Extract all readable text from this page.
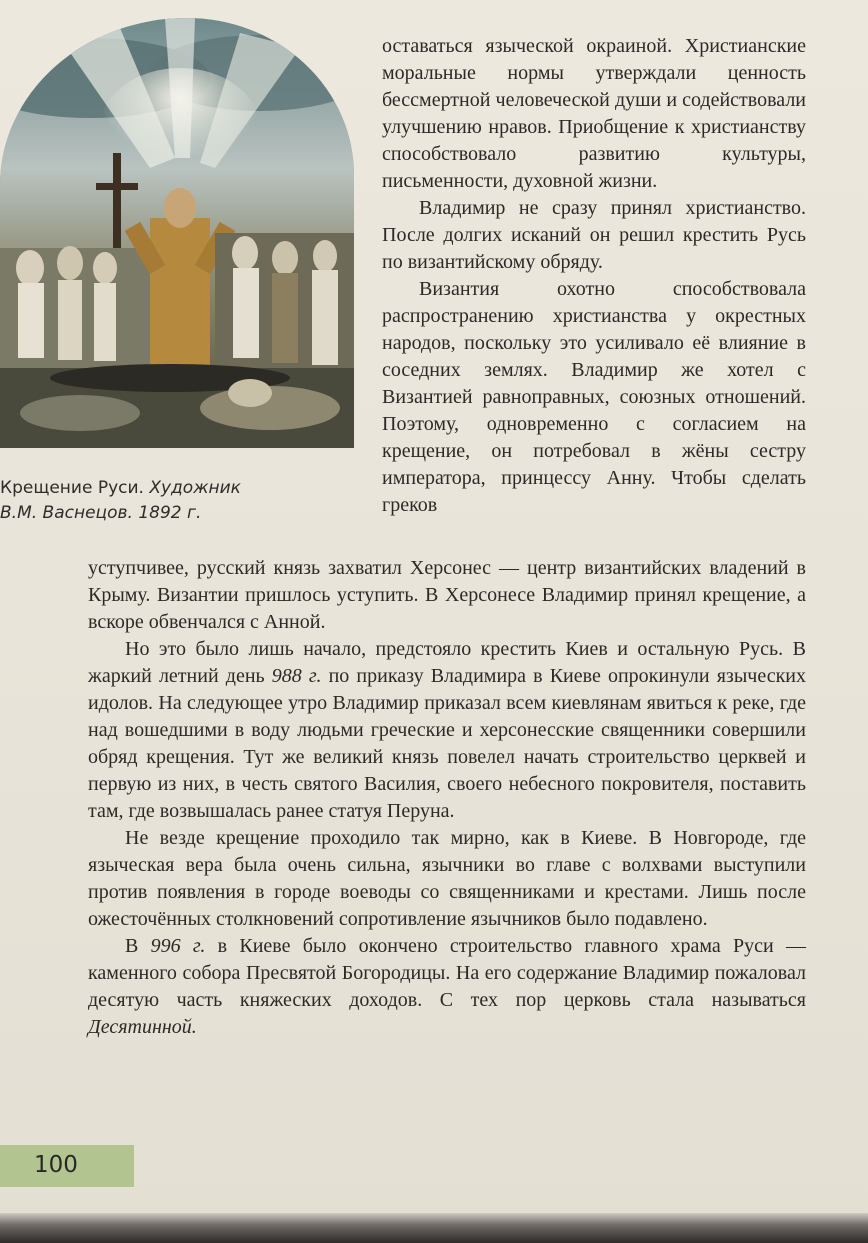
Крещение Руси. Художник
В.М. Васнецов. 1892 г.

оставаться языческой окраиной. Христианские моральные нормы утверждали ценность бессмертной человеческой души и содействовали улучшению нравов. Приобщение к христианству способствовало развитию культуры, письменности, духовной жизни.

Владимир не сразу принял христианство. После долгих исканий он решил крестить Русь по византийскому обряду.

Византия охотно способствовала распространению христианства у окрестных народов, поскольку это усиливало её влияние в соседних землях. Владимир же хотел с Византией равноправных, союзных отношений. Поэтому, одновременно с согласием на крещение, он потребовал в жёны сестру императора, принцессу Анну. Чтобы сделать греков

уступчивее, русский князь захватил Херсонес — центр византийских владений в Крыму. Византии пришлось уступить. В Херсонесе Владимир принял крещение, а вскоре обвенчался с Анной.

Но это было лишь начало, предстояло крестить Киев и остальную Русь. В жаркий летний день 988 г. по приказу Владимира в Киеве опрокинули языческих идолов. На следующее утро Владимир приказал всем киевлянам явиться к реке, где над вошедшими в воду людьми греческие и херсонесские священники совершили обряд крещения. Тут же великий князь повелел начать строительство церквей и первую из них, в честь святого Василия, своего небесного покровителя, поставить там, где возвышалась ранее статуя Перуна.

Не везде крещение проходило так мирно, как в Киеве. В Новгороде, где языческая вера была очень сильна, язычники во главе с волхвами выступили против появления в городе воеводы со священниками и крестами. Лишь после ожесточённых столкновений сопротивление язычников было подавлено.

В 996 г. в Киеве было окончено строительство главного храма Руси — каменного собора Пресвятой Богородицы. На его содержание Владимир пожаловал десятую часть княжеских доходов. С тех пор церковь стала называться Десятинной.

100
